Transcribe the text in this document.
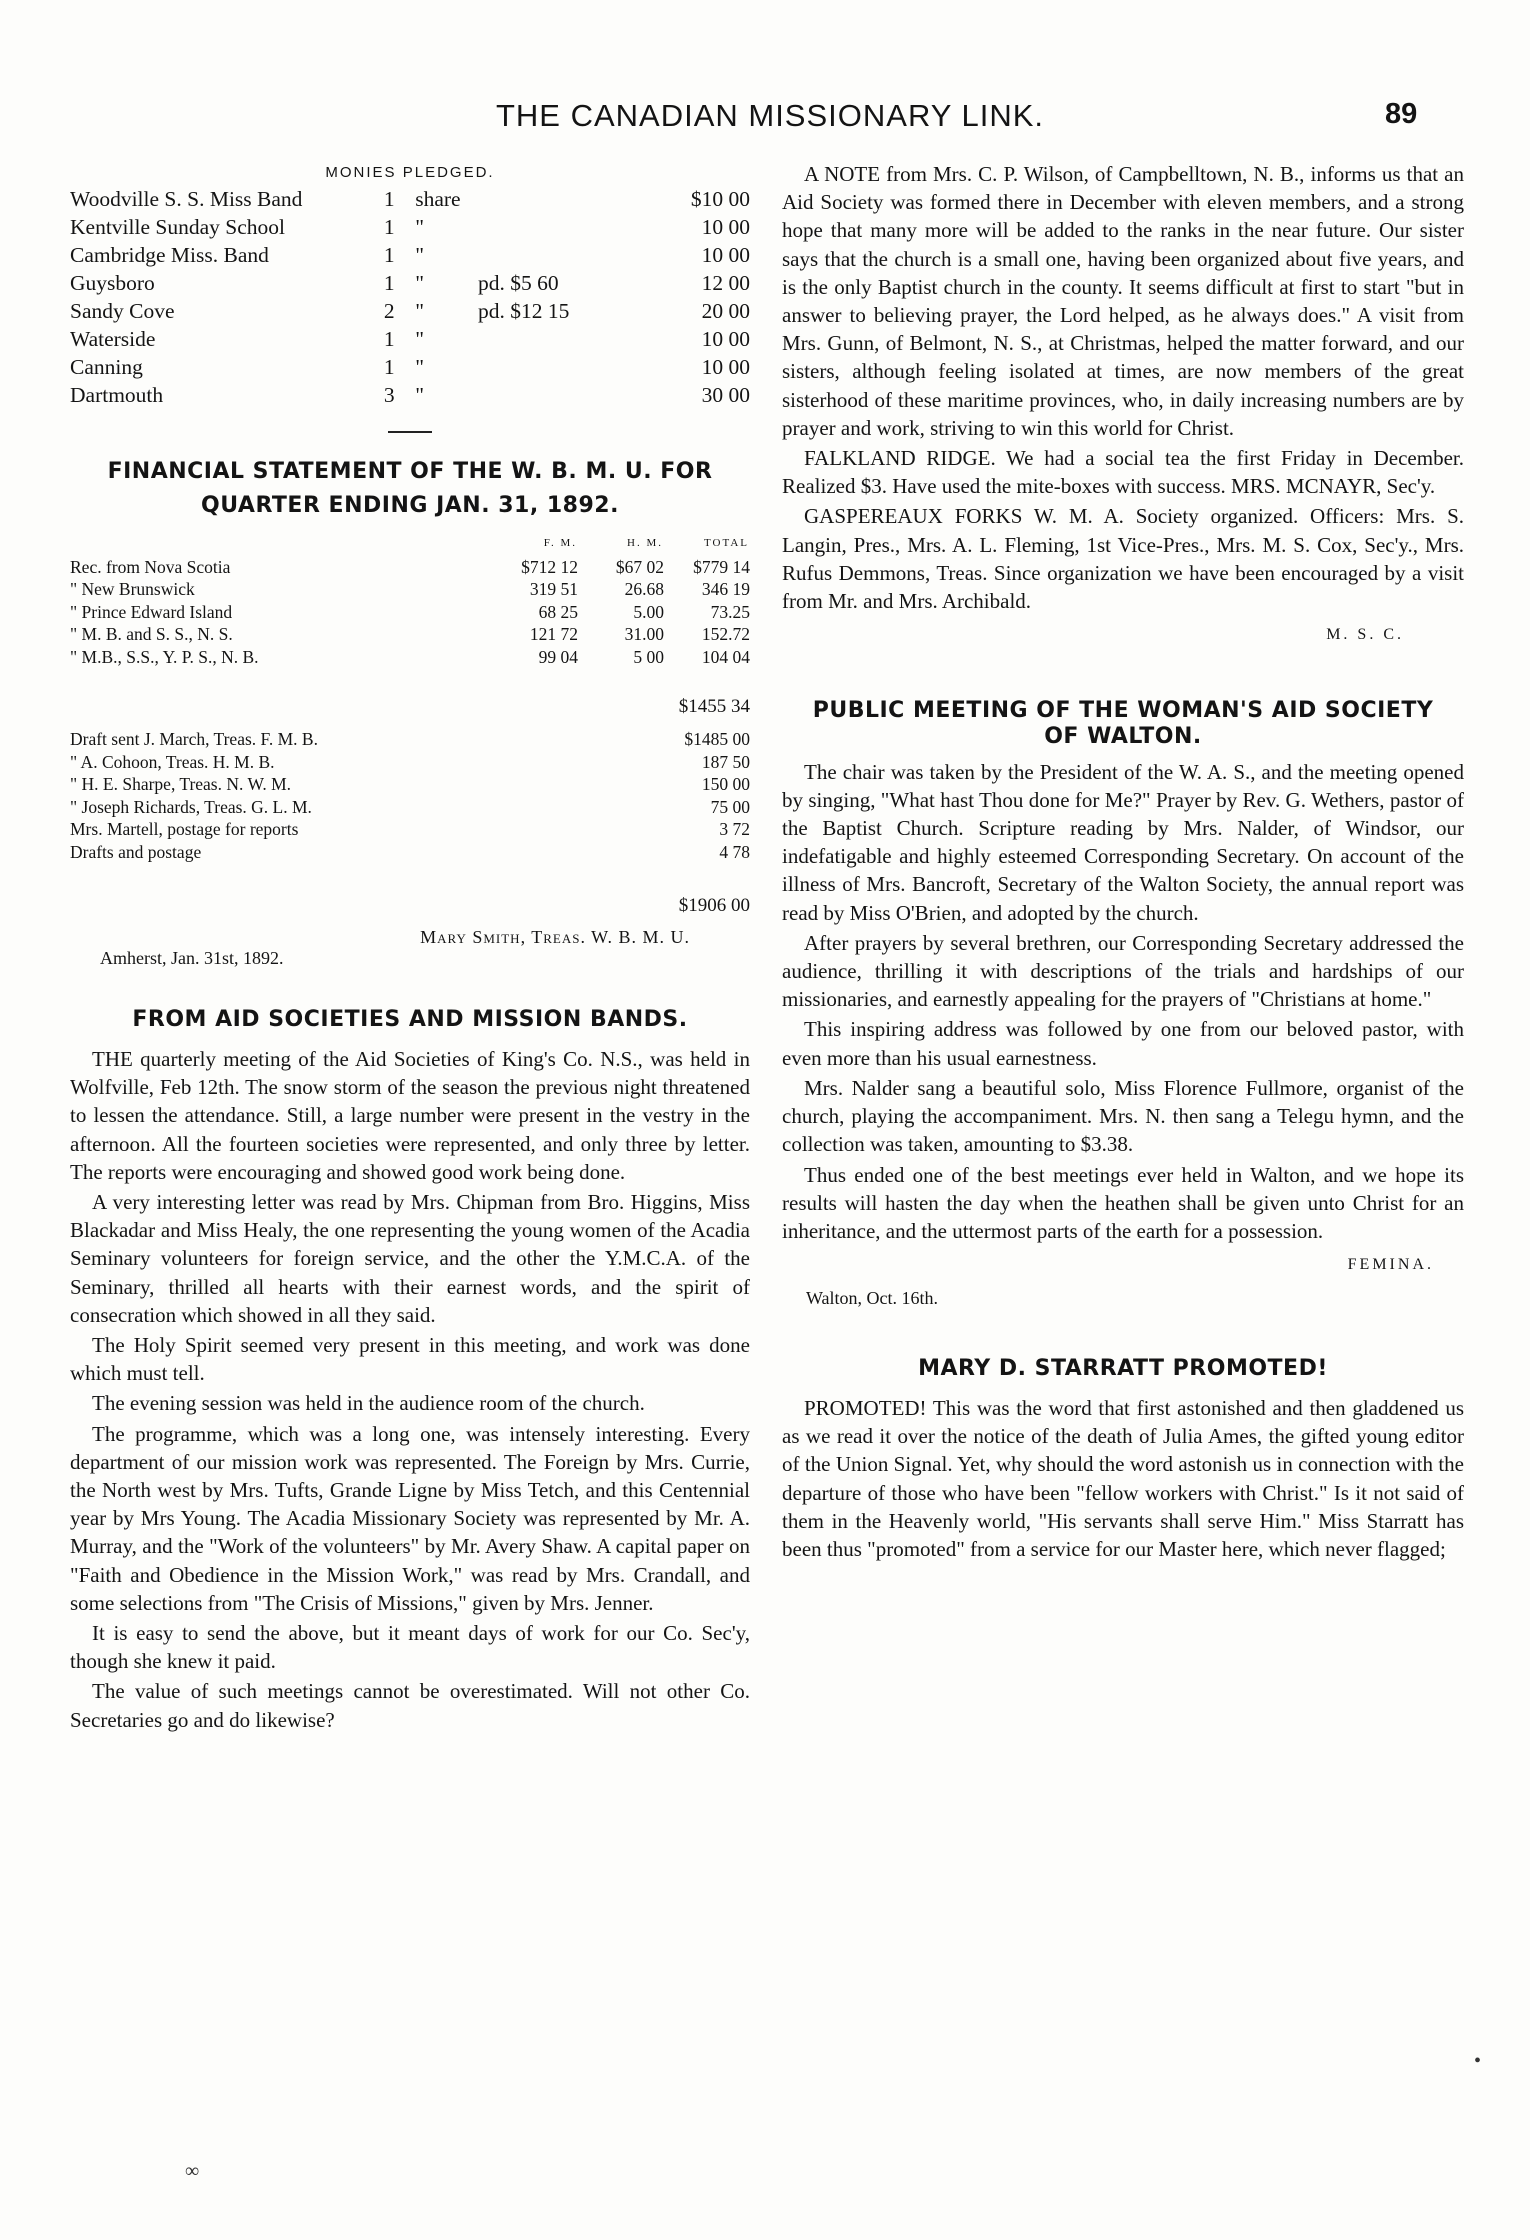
THE CANADIAN MISSIONARY LINK.	89
MONIES PLEDGED.
Woodville S. S. Miss Band	1	share		$10 00
Kentville Sunday School	1	"		10 00
Cambridge Miss. Band	1	"		10 00
Guysboro	1	"	pd. $5 60	12 00
Sandy Cove	2	"	pd. $12 15	20 00
Waterside	1	"		10 00
Canning	1	"		10 00
Dartmouth	3	"		30 00
FINANCIAL STATEMENT OF THE W. B. M. U. FOR
QUARTER ENDING JAN. 31, 1892.
	F. M.	H. M.	TOTAL
Rec. from Nova Scotia	$712 12	$67 02	$779 14
" New Brunswick	319 51	26.68	346 19
" Prince Edward Island	68 25	5.00	73.25
" M. B. and S. S., N. S.	121 72	31.00	152.72
" M.B., S.S., Y. P. S., N. B.	99 04	5 00	104 04
$1455 34
Draft sent J. March, Treas. F. M. B.	$1485 00
" A. Cohoon, Treas. H. M. B.	187 50
" H. E. Sharpe, Treas. N. W. M.	150 00
" Joseph Richards, Treas. G. L. M.	75 00
Mrs. Martell, postage for reports	3 72
Drafts and postage	4 78
$1906 00
Mary Smith, Treas. W. B. M. U.
Amherst, Jan. 31st, 1892.
FROM AID SOCIETIES AND MISSION BANDS.

THE quarterly meeting of the Aid Societies of King's Co. N.S., was held in Wolfville, Feb 12th. The snow storm of the season the previous night threatened to lessen the attendance. Still, a large number were present in the vestry in the afternoon. All the fourteen societies were represented, and only three by letter. The reports were encouraging and showed good work being done.

A very interesting letter was read by Mrs. Chipman from Bro. Higgins, Miss Blackadar and Miss Healy, the one representing the young women of the Acadia Seminary volunteers for foreign service, and the other the Y.M.C.A. of the Seminary, thrilled all hearts with their earnest words, and the spirit of consecration which showed in all they said.

The Holy Spirit seemed very present in this meeting, and work was done which must tell.

The evening session was held in the audience room of the church.

The programme, which was a long one, was intensely interesting. Every department of our mission work was represented. The Foreign by Mrs. Currie, the North west by Mrs. Tufts, Grande Ligne by Miss Tetch, and this Centennial year by Mrs Young. The Acadia Missionary Society was represented by Mr. A. Murray, and the "Work of the volunteers" by Mr. Avery Shaw. A capital paper on "Faith and Obedience in the Mission Work," was read by Mrs. Crandall, and some selections from "The Crisis of Missions," given by Mrs. Jenner.

It is easy to send the above, but it meant days of work for our Co. Sec'y, though she knew it paid.

The value of such meetings cannot be overestimated. Will not other Co. Secretaries go and do likewise?

A NOTE from Mrs. C. P. Wilson, of Campbelltown, N. B., informs us that an Aid Society was formed there in December with eleven members, and a strong hope that many more will be added to the ranks in the near future. Our sister says that the church is a small one, having been organized about five years, and is the only Baptist church in the county. It seems difficult at first to start "but in answer to believing prayer, the Lord helped, as he always does." A visit from Mrs. Gunn, of Belmont, N. S., at Christmas, helped the matter forward, and our sisters, although feeling isolated at times, are now members of the great sisterhood of these maritime provinces, who, in daily increasing numbers are by prayer and work, striving to win this world for Christ.

FALKLAND RIDGE. We had a social tea the first Friday in December. Realized $3. Have used the mite-boxes with success. MRS. MCNAYR, Sec'y.

GASPEREAUX FORKS W. M. A. Society organized. Officers: Mrs. S. Langin, Pres., Mrs. A. L. Fleming, 1st Vice-Pres., Mrs. M. S. Cox, Sec'y., Mrs. Rufus Demmons, Treas. Since organization we have been encouraged by a visit from Mr. and Mrs. Archibald.

M. S. C.
PUBLIC MEETING OF THE WOMAN'S AID SOCIETY
OF WALTON.

The chair was taken by the President of the W. A. S., and the meeting opened by singing, "What hast Thou done for Me?" Prayer by Rev. G. Wethers, pastor of the Baptist Church. Scripture reading by Mrs. Nalder, of Windsor, our indefatigable and highly esteemed Corresponding Secretary. On account of the illness of Mrs. Bancroft, Secretary of the Walton Society, the annual report was read by Miss O'Brien, and adopted by the church.

After prayers by several brethren, our Corresponding Secretary addressed the audience, thrilling it with descriptions of the trials and hardships of our missionaries, and earnestly appealing for the prayers of "Christians at home."

This inspiring address was followed by one from our beloved pastor, with even more than his usual earnestness.

Mrs. Nalder sang a beautiful solo, Miss Florence Fullmore, organist of the church, playing the accompaniment. Mrs. N. then sang a Telegu hymn, and the collection was taken, amounting to $3.38.

Thus ended one of the best meetings ever held in Walton, and we hope its results will hasten the day when the heathen shall be given unto Christ for an inheritance, and the uttermost parts of the earth for a possession.

FEMINA.
Walton, Oct. 16th.
MARY D. STARRATT PROMOTED!

PROMOTED! This was the word that first astonished and then gladdened us as we read it over the notice of the death of Julia Ames, the gifted young editor of the Union Signal. Yet, why should the word astonish us in connection with the departure of those who have been "fellow workers with Christ." Is it not said of them in the Heavenly world, "His servants shall serve Him." Miss Starratt has been thus "promoted" from a service for our Master here, which never flagged;

∞
•
